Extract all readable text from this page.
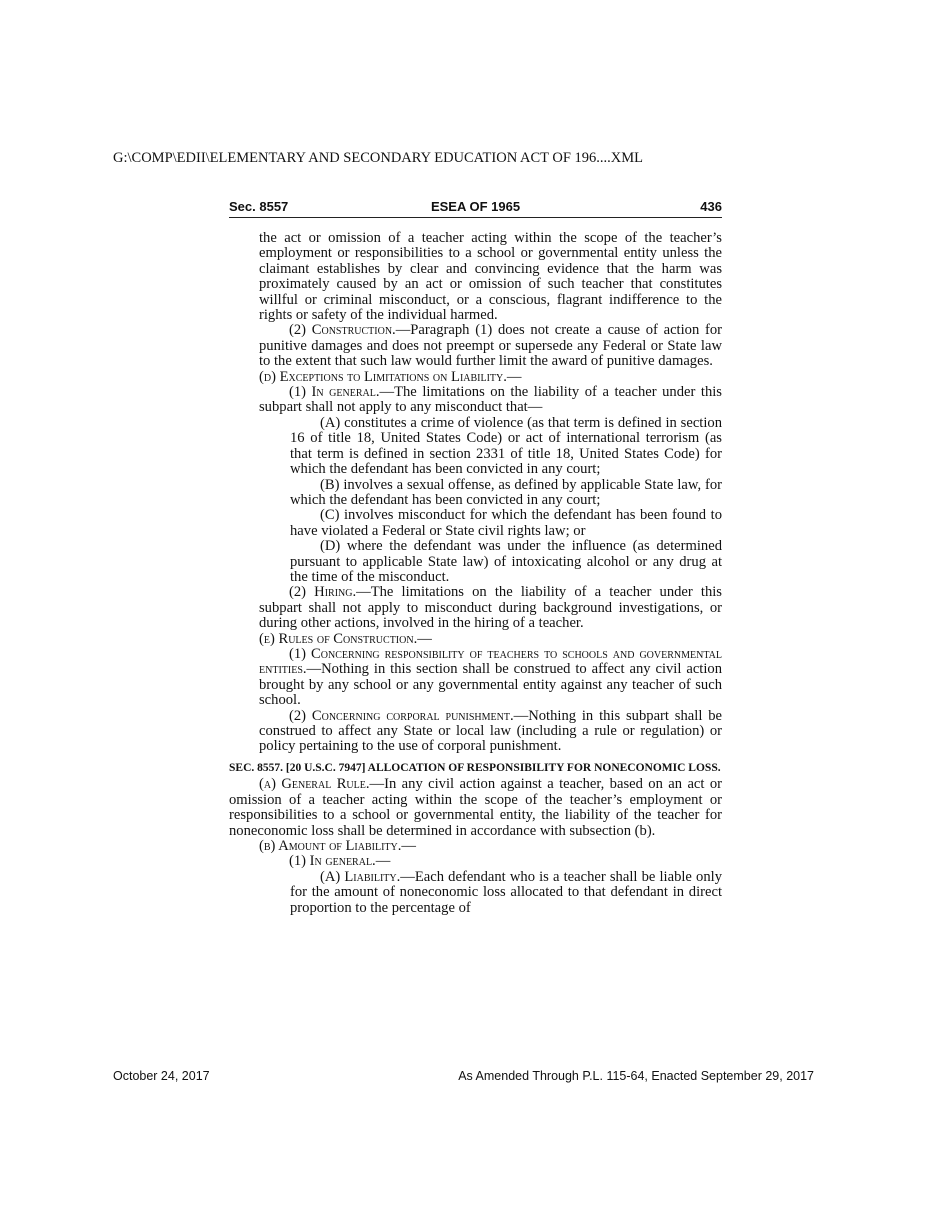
G:\COMP\EDII\ELEMENTARY AND SECONDARY EDUCATION ACT OF 196....XML
Sec. 8557	ESEA OF 1965	436

the act or omission of a teacher acting within the scope of the teacher’s employment or responsibilities to a school or governmental entity unless the claimant establishes by clear and convincing evidence that the harm was proximately caused by an act or omission of such teacher that constitutes willful or criminal misconduct, or a conscious, flagrant indifference to the rights or safety of the individual harmed.

(2) Construction.—Paragraph (1) does not create a cause of action for punitive damages and does not preempt or supersede any Federal or State law to the extent that such law would further limit the award of punitive damages.

(d) Exceptions to Limitations on Liability.—

(1) In general.—The limitations on the liability of a teacher under this subpart shall not apply to any misconduct that—

(A) constitutes a crime of violence (as that term is defined in section 16 of title 18, United States Code) or act of international terrorism (as that term is defined in section 2331 of title 18, United States Code) for which the defendant has been convicted in any court;

(B) involves a sexual offense, as defined by applicable State law, for which the defendant has been convicted in any court;

(C) involves misconduct for which the defendant has been found to have violated a Federal or State civil rights law; or

(D) where the defendant was under the influence (as determined pursuant to applicable State law) of intoxicating alcohol or any drug at the time of the misconduct.

(2) Hiring.—The limitations on the liability of a teacher under this subpart shall not apply to misconduct during background investigations, or during other actions, involved in the hiring of a teacher.

(e) Rules of Construction.—

(1) Concerning responsibility of teachers to schools and governmental entities.—Nothing in this section shall be construed to affect any civil action brought by any school or any governmental entity against any teacher of such school.

(2) Concerning corporal punishment.—Nothing in this subpart shall be construed to affect any State or local law (including a rule or regulation) or policy pertaining to the use of corporal punishment.

SEC. 8557. [20 U.S.C. 7947] ALLOCATION OF RESPONSIBILITY FOR NONECONOMIC LOSS.

(a) General Rule.—In any civil action against a teacher, based on an act or omission of a teacher acting within the scope of the teacher’s employment or responsibilities to a school or governmental entity, the liability of the teacher for noneconomic loss shall be determined in accordance with subsection (b).

(b) Amount of Liability.—

(1) In general.—

(A) Liability.—Each defendant who is a teacher shall be liable only for the amount of noneconomic loss allocated to that defendant in direct proportion to the percentage of

October 24, 2017	As Amended Through P.L. 115-64, Enacted September 29, 2017
